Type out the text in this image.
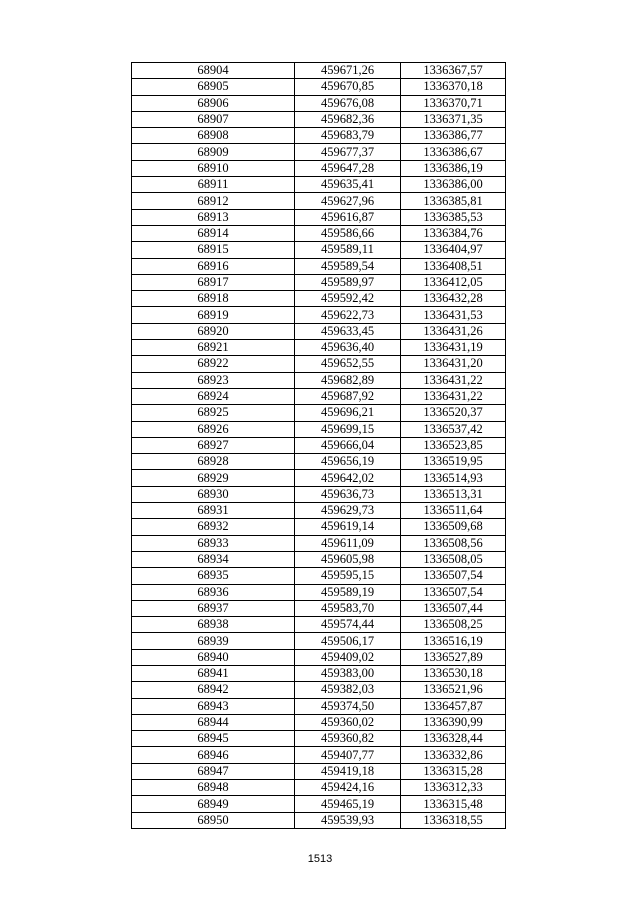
68904	459671,26	1336367,57
68905	459670,85	1336370,18
68906	459676,08	1336370,71
68907	459682,36	1336371,35
68908	459683,79	1336386,77
68909	459677,37	1336386,67
68910	459647,28	1336386,19
68911	459635,41	1336386,00
68912	459627,96	1336385,81
68913	459616,87	1336385,53
68914	459586,66	1336384,76
68915	459589,11	1336404,97
68916	459589,54	1336408,51
68917	459589,97	1336412,05
68918	459592,42	1336432,28
68919	459622,73	1336431,53
68920	459633,45	1336431,26
68921	459636,40	1336431,19
68922	459652,55	1336431,20
68923	459682,89	1336431,22
68924	459687,92	1336431,22
68925	459696,21	1336520,37
68926	459699,15	1336537,42
68927	459666,04	1336523,85
68928	459656,19	1336519,95
68929	459642,02	1336514,93
68930	459636,73	1336513,31
68931	459629,73	1336511,64
68932	459619,14	1336509,68
68933	459611,09	1336508,56
68934	459605,98	1336508,05
68935	459595,15	1336507,54
68936	459589,19	1336507,54
68937	459583,70	1336507,44
68938	459574,44	1336508,25
68939	459506,17	1336516,19
68940	459409,02	1336527,89
68941	459383,00	1336530,18
68942	459382,03	1336521,96
68943	459374,50	1336457,87
68944	459360,02	1336390,99
68945	459360,82	1336328,44
68946	459407,77	1336332,86
68947	459419,18	1336315,28
68948	459424,16	1336312,33
68949	459465,19	1336315,48
68950	459539,93	1336318,55
1513
